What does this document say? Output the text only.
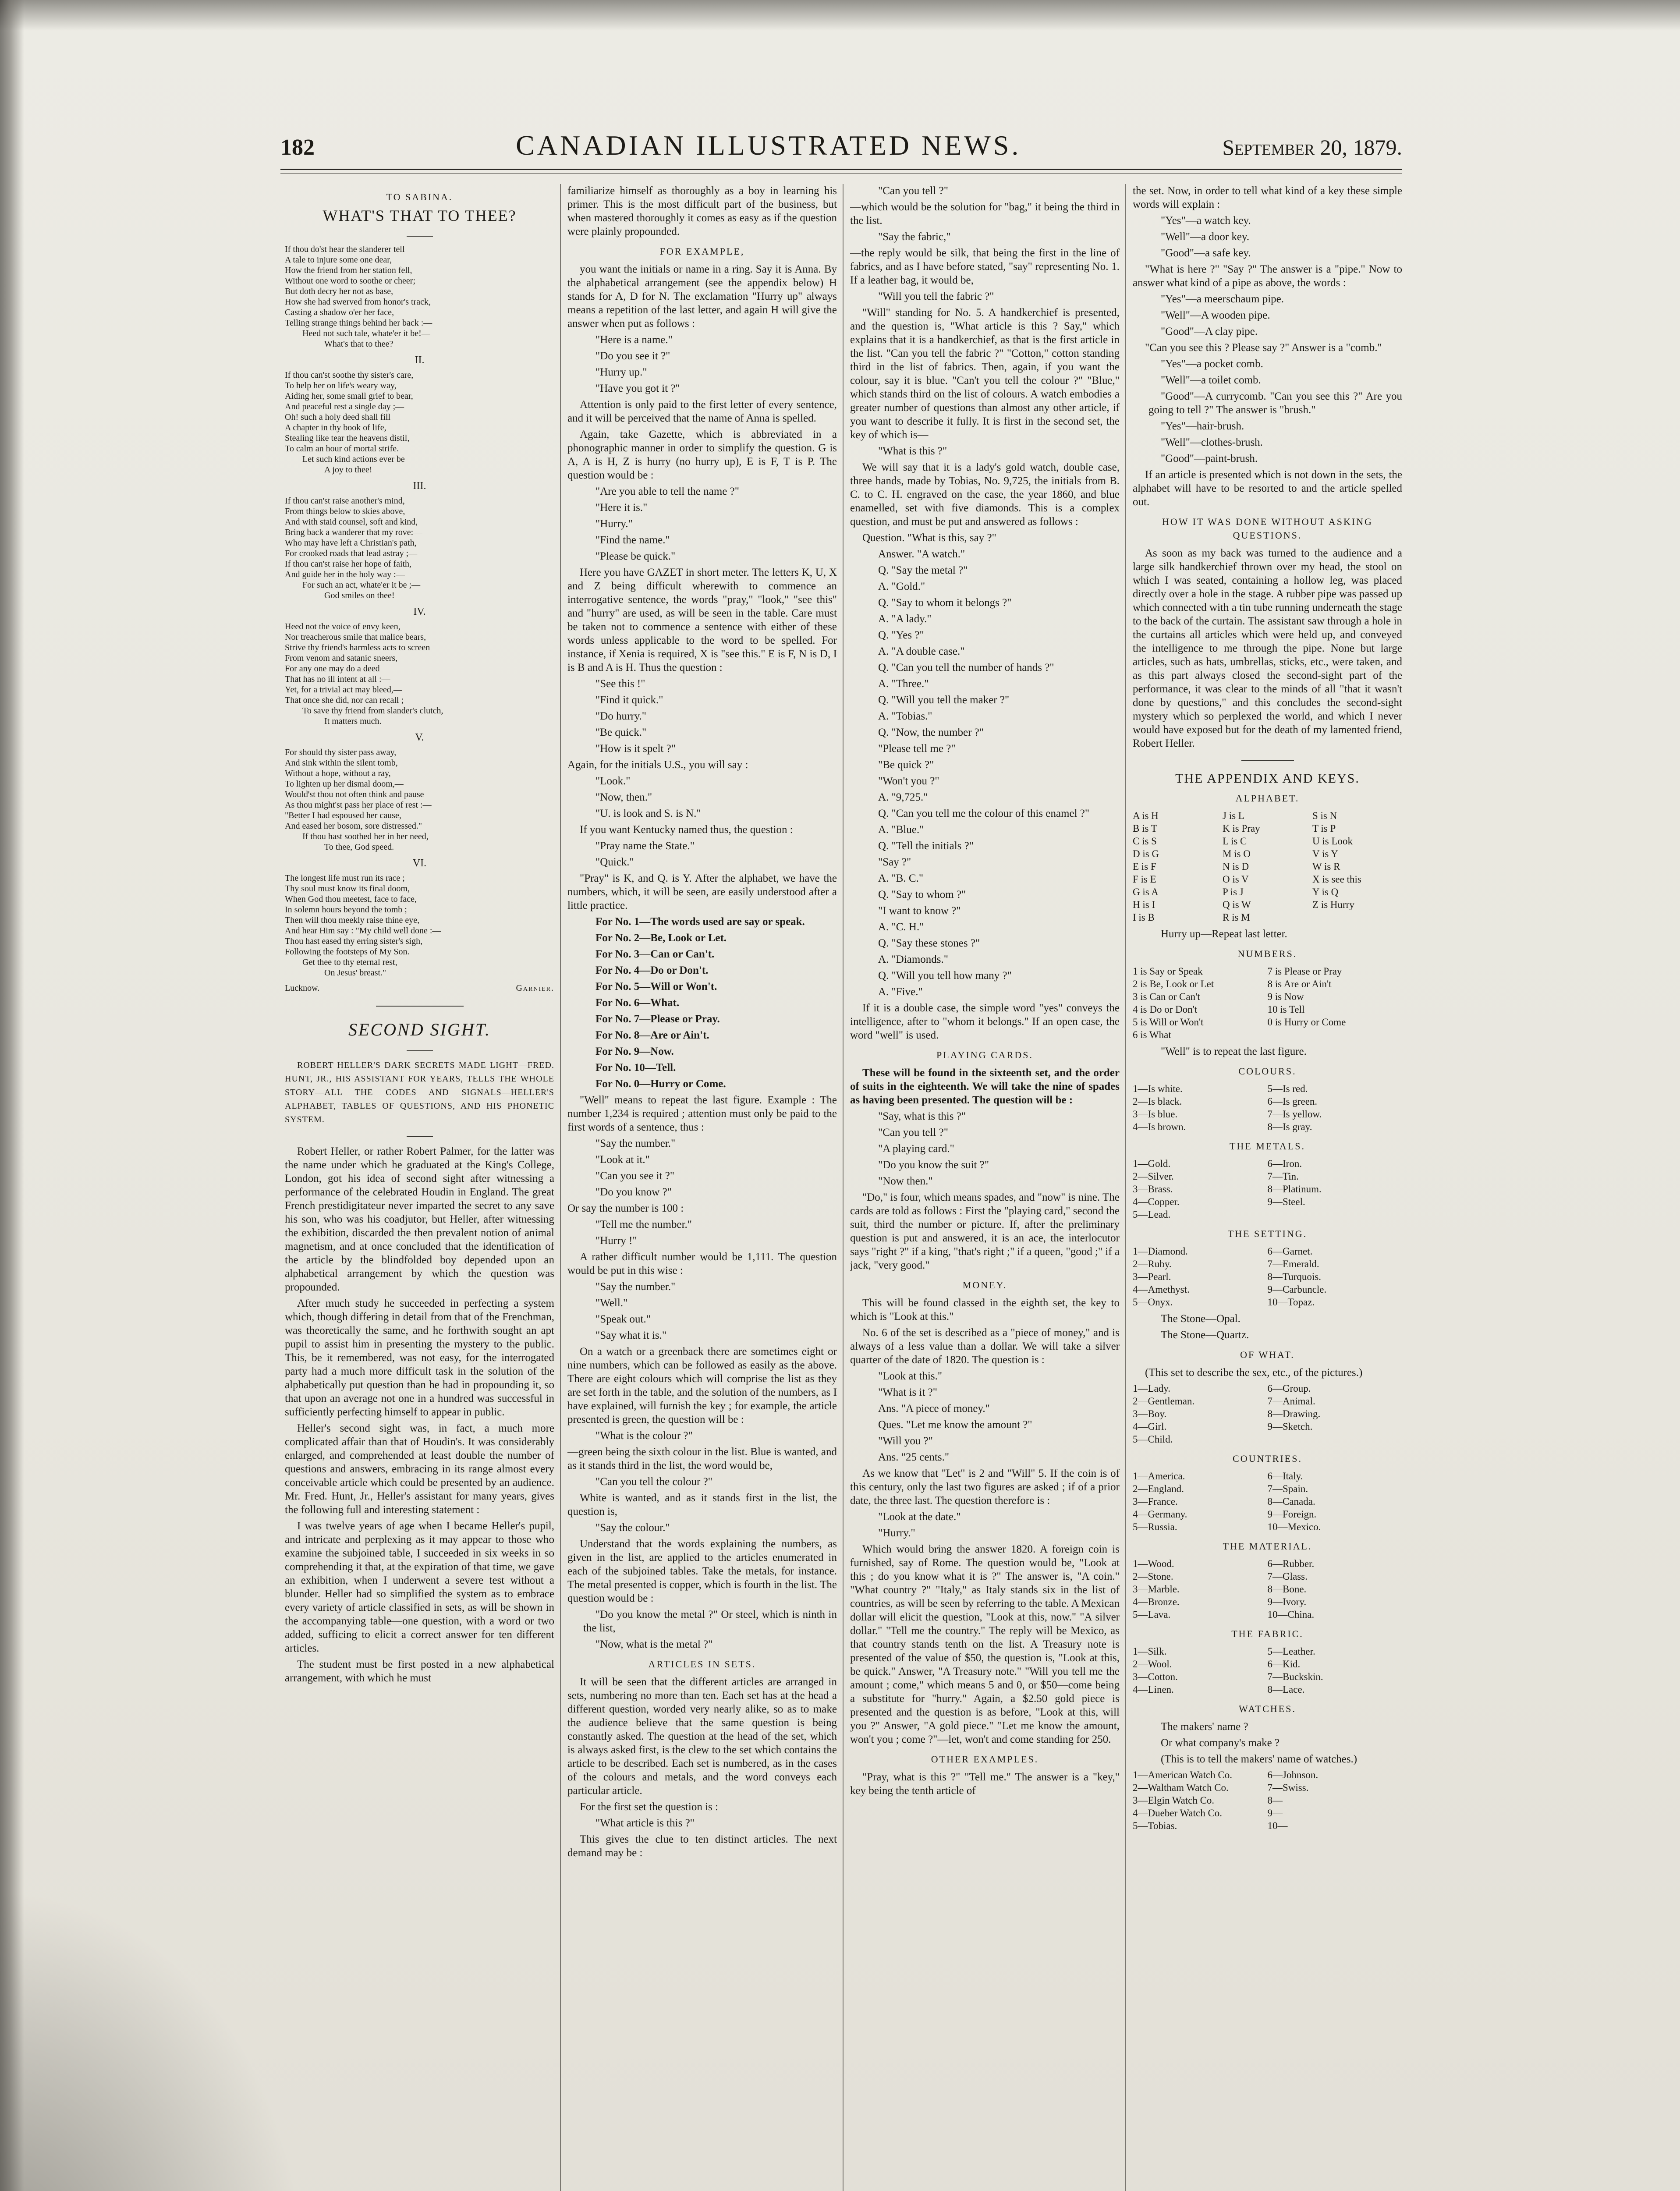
182	CANADIAN ILLUSTRATED NEWS.	September 20, 1879.
TO SABINA.
WHAT'S THAT TO THEE?
If thou do'st hear the slanderer tell
A tale to injure some one dear,
How the friend from her station fell,
Without one word to soothe or cheer;
But doth decry her not as base,
How she had swerved from honor's track,
Casting a shadow o'er her face,
Telling strange things behind her back :—
Heed not such tale, whate'er it be!—
What's that to thee?
II.
If thou can'st soothe thy sister's care,
To help her on life's weary way,
Aiding her, some small grief to bear,
And peaceful rest a single day ;—
Oh! such a holy deed shall fill
A chapter in thy book of life,
Stealing like tear the heavens distil,
To calm an hour of mortal strife.
Let such kind actions ever be
A joy to thee!
III.
If thou can'st raise another's mind,
From things below to skies above,
And with staid counsel, soft and kind,
Bring back a wanderer that my rove:—
Who may have left a Christian's path,
For crooked roads that lead astray ;—
If thou can'st raise her hope of faith,
And guide her in the holy way :—
For such an act, whate'er it be ;—
God smiles on thee!
IV.
Heed not the voice of envy keen,
Nor treacherous smile that malice bears,
Strive thy friend's harmless acts to screen
From venom and satanic sneers,
For any one may do a deed
That has no ill intent at all :—
Yet, for a trivial act may bleed,—
That once she did, nor can recall ;
To save thy friend from slander's clutch,
It matters much.
V.
For should thy sister pass away,
And sink within the silent tomb,
Without a hope, without a ray,
To lighten up her dismal doom,—
Would'st thou not often think and pause
As thou might'st pass her place of rest :—
"Better I had espoused her cause,
And eased her bosom, sore distressed."
If thou hast soothed her in her need,
To thee, God speed.
VI.
The longest life must run its race ;
Thy soul must know its final doom,
When God thou meetest, face to face,
In solemn hours beyond the tomb ;
Then will thou meekly raise thine eye,
And hear Him say : "My child well done :—
Thou hast eased thy erring sister's sigh,
Following the footsteps of My Son.
Get thee to thy eternal rest,
On Jesus' breast."
Lucknow.	Garnier.
SECOND SIGHT.

ROBERT HELLER'S DARK SECRETS MADE LIGHT—FRED. HUNT, JR., HIS ASSISTANT FOR YEARS, TELLS THE WHOLE STORY—ALL THE CODES AND SIGNALS—HELLER'S ALPHABET, TABLES OF QUESTIONS, AND HIS PHONETIC SYSTEM.

Robert Heller, or rather Robert Palmer, for the latter was the name under which he graduated at the King's College, London, got his idea of second sight after witnessing a performance of the celebrated Houdin in England. The great French prestidigitateur never imparted the secret to any save his son, who was his coadjutor, but Heller, after witnessing the exhibition, discarded the then prevalent notion of animal magnetism, and at once concluded that the identification of the article by the blindfolded boy depended upon an alphabetical arrangement by which the question was propounded.

After much study he succeeded in perfecting a system which, though differing in detail from that of the Frenchman, was theoretically the same, and he forthwith sought an apt pupil to assist him in presenting the mystery to the public. This, be it remembered, was not easy, for the interrogated party had a much more difficult task in the solution of the alphabetically put question than he had in propounding it, so that upon an average not one in a hundred was successful in sufficiently perfecting himself to appear in public.

Heller's second sight was, in fact, a much more complicated affair than that of Houdin's. It was considerably enlarged, and comprehended at least double the number of questions and answers, embracing in its range almost every conceivable article which could be presented by an audience. Mr. Fred. Hunt, Jr., Heller's assistant for many years, gives the following full and interesting statement :

I was twelve years of age when I became Heller's pupil, and intricate and perplexing as it may appear to those who examine the subjoined table, I succeeded in six weeks in so comprehending it that, at the expiration of that time, we gave an exhibition, when I underwent a severe test without a blunder. Heller had so simplified the system as to embrace every variety of article classified in sets, as will be shown in the accompanying table—one question, with a word or two added, sufficing to elicit a correct answer for ten different articles.

The student must be first posted in a new alphabetical arrangement, with which he must

familiarize himself as thoroughly as a boy in learning his primer. This is the most difficult part of the business, but when mastered thoroughly it comes as easy as if the question were plainly propounded.

FOR EXAMPLE,

you want the initials or name in a ring. Say it is Anna. By the alphabetical arrangement (see the appendix below) H stands for A, D for N. The exclamation "Hurry up" always means a repetition of the last letter, and again H will give the answer when put as follows :

"Here is a name."

"Do you see it ?"

"Hurry up."

"Have you got it ?"

Attention is only paid to the first letter of every sentence, and it will be perceived that the name of Anna is spelled.

Again, take Gazette, which is abbreviated in a phonographic manner in order to simplify the question. G is A, A is H, Z is hurry (no hurry up), E is F, T is P. The question would be :

"Are you able to tell the name ?"

"Here it is."

"Hurry."

"Find the name."

"Please be quick."

Here you have GAZET in short meter. The letters K, U, X and Z being difficult wherewith to commence an interrogative sentence, the words "pray," "look," "see this" and "hurry" are used, as will be seen in the table. Care must be taken not to commence a sentence with either of these words unless applicable to the word to be spelled. For instance, if Xenia is required, X is "see this." E is F, N is D, I is B and A is H. Thus the question :

"See this !"

"Find it quick."

"Do hurry."

"Be quick."

"How is it spelt ?"

Again, for the initials U.S., you will say :

"Look."

"Now, then."

"U. is look and S. is N."

If you want Kentucky named thus, the question :

"Pray name the State."

"Quick."

"Pray" is K, and Q. is Y. After the alphabet, we have the numbers, which, it will be seen, are easily understood after a little practice.

For No. 1—The words used are say or speak.

For No. 2—Be, Look or Let.

For No. 3—Can or Can't.

For No. 4—Do or Don't.

For No. 5—Will or Won't.

For No. 6—What.

For No. 7—Please or Pray.

For No. 8—Are or Ain't.

For No. 9—Now.

For No. 10—Tell.

For No. 0—Hurry or Come.

"Well" means to repeat the last figure. Example : The number 1,234 is required ; attention must only be paid to the first words of a sentence, thus :

"Say the number."

"Look at it."

"Can you see it ?"

"Do you know ?"

Or say the number is 100 :

"Tell me the number."

"Hurry !"

A rather difficult number would be 1,111. The question would be put in this wise :

"Say the number."

"Well."

"Speak out."

"Say what it is."

On a watch or a greenback there are sometimes eight or nine numbers, which can be followed as easily as the above. There are eight colours which will comprise the list as they are set forth in the table, and the solution of the numbers, as I have explained, will furnish the key ; for example, the article presented is green, the question will be :

"What is the colour ?"

—green being the sixth colour in the list. Blue is wanted, and as it stands third in the list, the word would be,

"Can you tell the colour ?"

White is wanted, and as it stands first in the list, the question is,

"Say the colour."

Understand that the words explaining the numbers, as given in the list, are applied to the articles enumerated in each of the subjoined tables. Take the metals, for instance. The metal presented is copper, which is fourth in the list. The question would be :

"Do you know the metal ?" Or steel, which is ninth in the list,

"Now, what is the metal ?"

ARTICLES IN SETS.

It will be seen that the different articles are arranged in sets, numbering no more than ten. Each set has at the head a different question, worded very nearly alike, so as to make the audience believe that the same question is being constantly asked. The question at the head of the set, which is always asked first, is the clew to the set which contains the article to be described. Each set is numbered, as in the cases of the colours and metals, and the word conveys each particular article.

For the first set the question is :

"What article is this ?"

This gives the clue to ten distinct articles. The next demand may be :

"Can you tell ?"

—which would be the solution for "bag," it being the third in the list.

"Say the fabric,"

—the reply would be silk, that being the first in the line of fabrics, and as I have before stated, "say" representing No. 1. If a leather bag, it would be,

"Will you tell the fabric ?"

"Will" standing for No. 5. A handkerchief is presented, and the question is, "What article is this ? Say," which explains that it is a handkerchief, as that is the first article in the list. "Can you tell the fabric ?" "Cotton," cotton standing third in the list of fabrics. Then, again, if you want the colour, say it is blue. "Can't you tell the colour ?" "Blue," which stands third on the list of colours. A watch embodies a greater number of questions than almost any other article, if you want to describe it fully. It is first in the second set, the key of which is—

"What is this ?"

We will say that it is a lady's gold watch, double case, three hands, made by Tobias, No. 9,725, the initials from B. C. to C. H. engraved on the case, the year 1860, and blue enamelled, set with five diamonds. This is a complex question, and must be put and answered as follows :

Question. "What is this, say ?"

Answer. "A watch."

Q. "Say the metal ?"

A. "Gold."

Q. "Say to whom it belongs ?"

A. "A lady."

Q. "Yes ?"

A. "A double case."

Q. "Can you tell the number of hands ?"

A. "Three."

Q. "Will you tell the maker ?"

A. "Tobias."

Q. "Now, the number ?"

"Please tell me ?"

"Be quick ?"

"Won't you ?"

A. "9,725."

Q. "Can you tell me the colour of this enamel ?"

A. "Blue."

Q. "Tell the initials ?"

"Say ?"

A. "B. C."

Q. "Say to whom ?"

"I want to know ?"

A. "C. H."

Q. "Say these stones ?"

A. "Diamonds."

Q. "Will you tell how many ?"

A. "Five."

If it is a double case, the simple word "yes" conveys the intelligence, after to "whom it belongs." If an open case, the word "well" is used.

PLAYING CARDS.

These will be found in the sixteenth set, and the order of suits in the eighteenth. We will take the nine of spades as having been presented. The question will be :

"Say, what is this ?"

"Can you tell ?"

"A playing card."

"Do you know the suit ?"

"Now then."

"Do," is four, which means spades, and "now" is nine. The cards are told as follows : First the "playing card," second the suit, third the number or picture. If, after the preliminary question is put and answered, it is an ace, the interlocutor says "right ?" if a king, "that's right ;" if a queen, "good ;" if a jack, "very good."

MONEY.

This will be found classed in the eighth set, the key to which is "Look at this."

No. 6 of the set is described as a "piece of money," and is always of a less value than a dollar. We will take a silver quarter of the date of 1820. The question is :

"Look at this."

"What is it ?"

Ans. "A piece of money."

Ques. "Let me know the amount ?"

"Will you ?"

Ans. "25 cents."

As we know that "Let" is 2 and "Will" 5. If the coin is of this century, only the last two figures are asked ; if of a prior date, the three last. The question therefore is :

"Look at the date."

"Hurry."

Which would bring the answer 1820. A foreign coin is furnished, say of Rome. The question would be, "Look at this ; do you know what it is ?" The answer is, "A coin." "What country ?" "Italy," as Italy stands six in the list of countries, as will be seen by referring to the table. A Mexican dollar will elicit the question, "Look at this, now." "A silver dollar." "Tell me the country." The reply will be Mexico, as that country stands tenth on the list. A Treasury note is presented of the value of $50, the question is, "Look at this, be quick." Answer, "A Treasury note." "Will you tell me the amount ; come," which means 5 and 0, or $50—come being a substitute for "hurry." Again, a $2.50 gold piece is presented and the question is as before, "Look at this, will you ?" Answer, "A gold piece." "Let me know the amount, won't you ; come ?"—let, won't and come standing for 250.

OTHER EXAMPLES.

"Pray, what is this ?" "Tell me." The answer is a "key," key being the tenth article of

the set. Now, in order to tell what kind of a key these simple words will explain :

"Yes"—a watch key.

"Well"—a door key.

"Good"—a safe key.

"What is here ?" "Say ?" The answer is a "pipe." Now to answer what kind of a pipe as above, the words :

"Yes"—a meerschaum pipe.

"Well"—A wooden pipe.

"Good"—A clay pipe.

"Can you see this ? Please say ?" Answer is a "comb."

"Yes"—a pocket comb.

"Well"—a toilet comb.

"Good"—A currycomb. "Can you see this ?" Are you going to tell ?" The answer is "brush."

"Yes"—hair-brush.

"Well"—clothes-brush.

"Good"—paint-brush.

If an article is presented which is not down in the sets, the alphabet will have to be resorted to and the article spelled out.

HOW IT WAS DONE WITHOUT ASKING QUESTIONS.

As soon as my back was turned to the audience and a large silk handkerchief thrown over my head, the stool on which I was seated, containing a hollow leg, was placed directly over a hole in the stage. A rubber pipe was passed up which connected with a tin tube running underneath the stage to the back of the curtain. The assistant saw through a hole in the curtains all articles which were held up, and conveyed the intelligence to me through the pipe. None but large articles, such as hats, umbrellas, sticks, etc., were taken, and as this part always closed the second-sight part of the performance, it was clear to the minds of all "that it wasn't done by questions," and this concludes the second-sight mystery which so perplexed the world, and which I never would have exposed but for the death of my lamented friend, Robert Heller.

THE APPENDIX AND KEYS.
ALPHABET.
A is H	J is L	S is N
B is T	K is Pray	T is P
C is S	L is C	U is Look
D is G	M is O	V is Y
E is F	N is D	W is R
F is E	O is V	X is see this
G is A	P is J	Y is Q
H is I	Q is W	Z is Hurry
I is B	R is M

Hurry up—Repeat last letter.

NUMBERS.
1 is Say or Speak	7 is Please or Pray
2 is Be, Look or Let	8 is Are or Ain't
3 is Can or Can't	9 is Now
4 is Do or Don't	10 is Tell
5 is Will or Won't	0 is Hurry or Come
6 is What

"Well" is to repeat the last figure.

COLOURS.
1—Is white.	5—Is red.
2—Is black.	6—Is green.
3—Is blue.	7—Is yellow.
4—Is brown.	8—Is gray.
THE METALS.
1—Gold.	6—Iron.
2—Silver.	7—Tin.
3—Brass.	8—Platinum.
4—Copper.	9—Steel.
5—Lead.
THE SETTING.
1—Diamond.	6—Garnet.
2—Ruby.	7—Emerald.
3—Pearl.	8—Turquois.
4—Amethyst.	9—Carbuncle.
5—Onyx.	10—Topaz.

The Stone—Opal.

The Stone—Quartz.

OF WHAT.

(This set to describe the sex, etc., of the pictures.)

1—Lady.	6—Group.
2—Gentleman.	7—Animal.
3—Boy.	8—Drawing.
4—Girl.	9—Sketch.
5—Child.
COUNTRIES.
1—America.	6—Italy.
2—England.	7—Spain.
3—France.	8—Canada.
4—Germany.	9—Foreign.
5—Russia.	10—Mexico.
THE MATERIAL.
1—Wood.	6—Rubber.
2—Stone.	7—Glass.
3—Marble.	8—Bone.
4—Bronze.	9—Ivory.
5—Lava.	10—China.
THE FABRIC.
1—Silk.	5—Leather.
2—Wool.	6—Kid.
3—Cotton.	7—Buckskin.
4—Linen.	8—Lace.
WATCHES.

The makers' name ?

Or what company's make ?

(This is to tell the makers' name of watches.)

1—American Watch Co.	6—Johnson.
2—Waltham Watch Co.	7—Swiss.
3—Elgin Watch Co.	8—
4—Dueber Watch Co.	9—
5—Tobias.	10—
